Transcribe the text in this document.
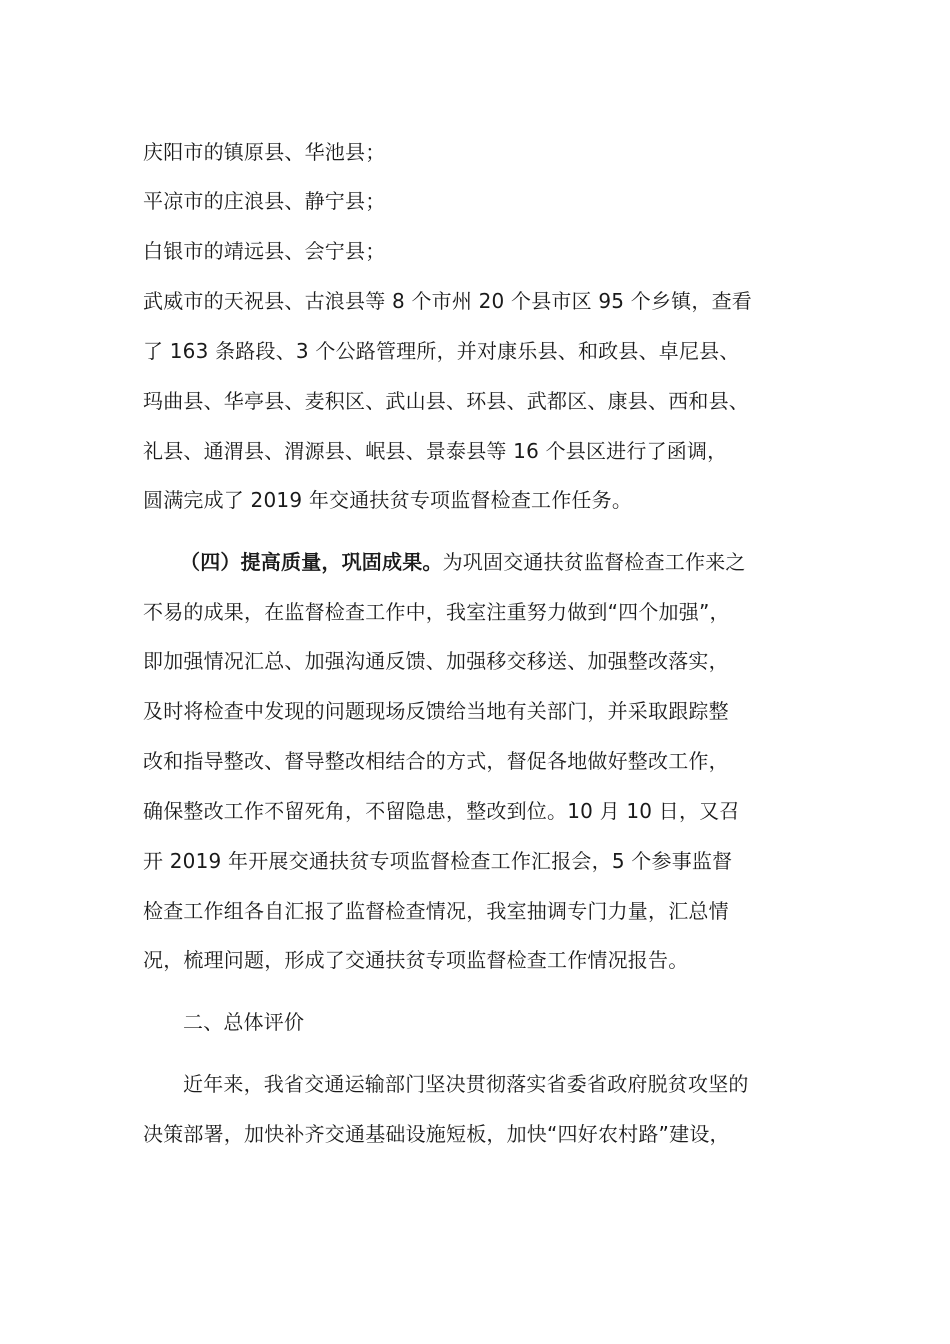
庆阳市的镇原县、华池县；
平凉市的庄浪县、静宁县；
白银市的靖远县、会宁县；
武威市的天祝县、古浪县等 8 个市州 20 个县市区 95 个乡镇，查看
了 163 条路段、3 个公路管理所，并对康乐县、和政县、卓尼县、
玛曲县、华亭县、麦积区、武山县、环县、武都区、康县、西和县、
礼县、通渭县、渭源县、岷县、景泰县等 16 个县区进行了函调，
圆满完成了 2019 年交通扶贫专项监督检查工作任务。
（四）提高质量，巩固成果。为巩固交通扶贫监督检查工作来之
不易的成果，在监督检查工作中，我室注重努力做到“四个加强”，
即加强情况汇总、加强沟通反馈、加强移交移送、加强整改落实，
及时将检查中发现的问题现场反馈给当地有关部门，并采取跟踪整
改和指导整改、督导整改相结合的方式，督促各地做好整改工作，
确保整改工作不留死角，不留隐患，整改到位。10 月 10 日，又召
开 2019 年开展交通扶贫专项监督检查工作汇报会，5 个参事监督
检查工作组各自汇报了监督检查情况，我室抽调专门力量，汇总情
况，梳理问题，形成了交通扶贫专项监督检查工作情况报告。
二、总体评价
近年来，我省交通运输部门坚决贯彻落实省委省政府脱贫攻坚的
决策部署，加快补齐交通基础设施短板，加快“四好农村路”建设，
